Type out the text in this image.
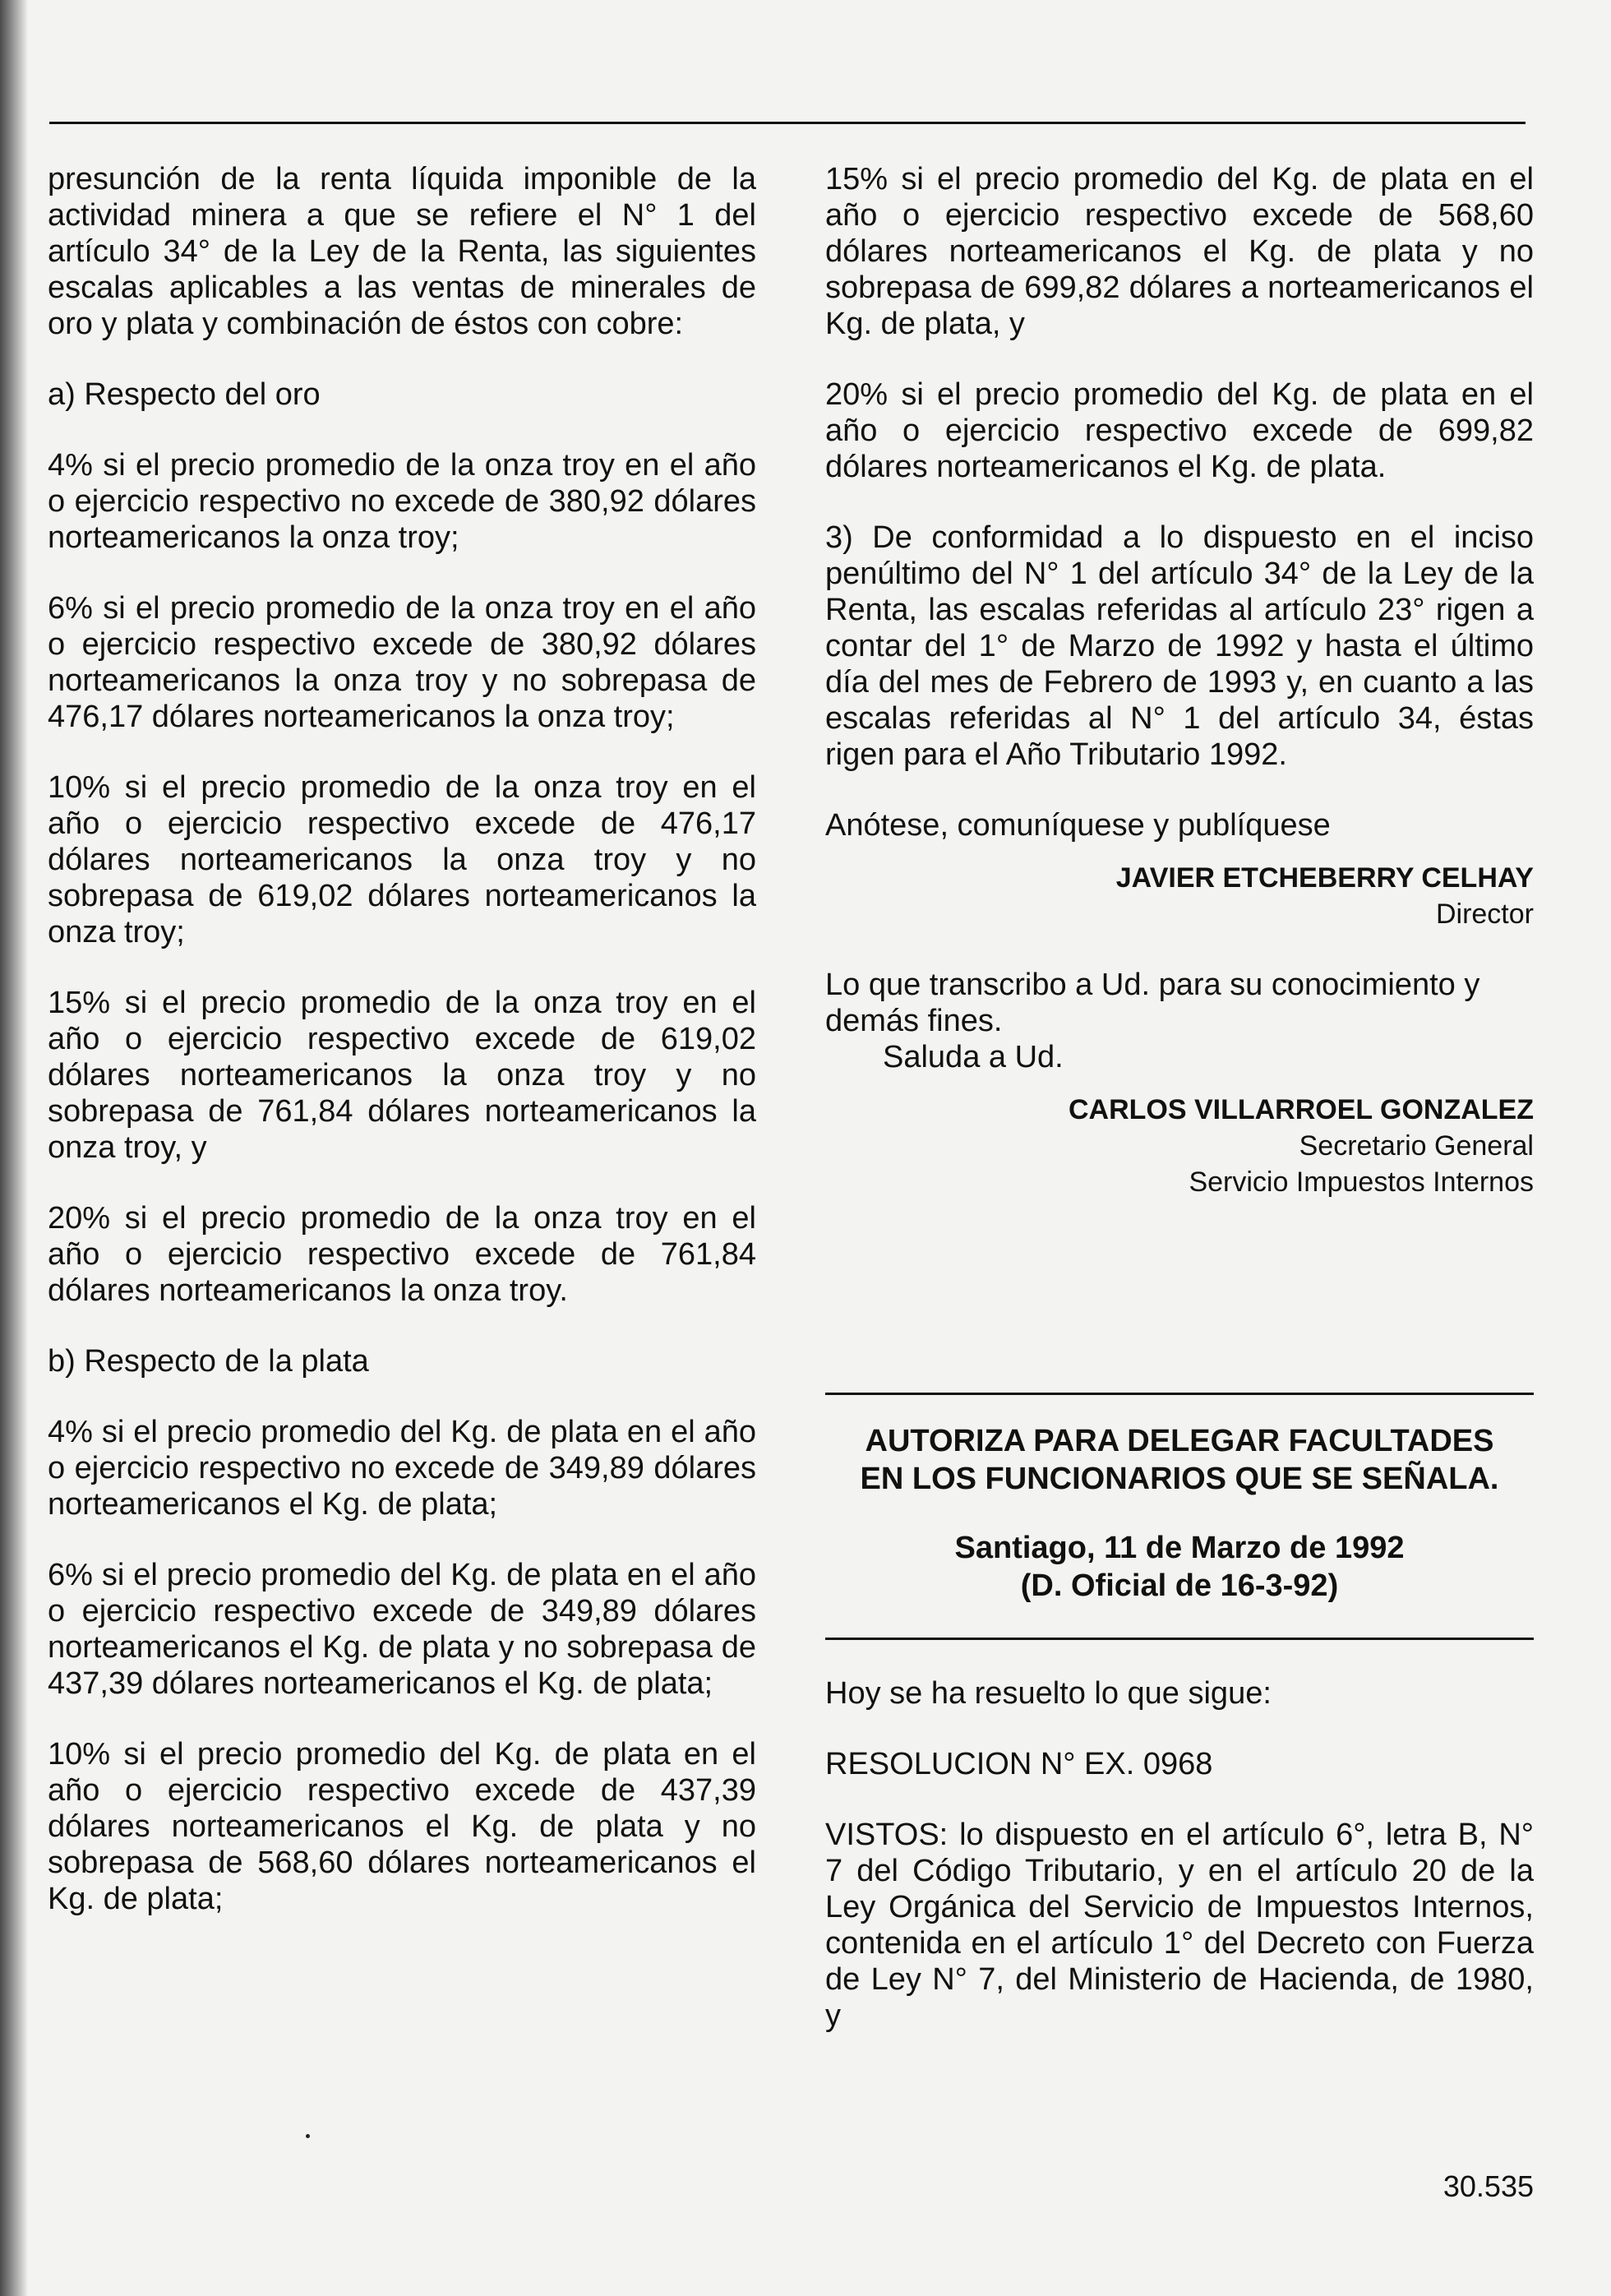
presunción de la renta líquida imponible de la actividad minera a que se refiere el N° 1 del artículo 34° de la Ley de la Renta, las siguientes escalas aplicables a las ventas de minerales de oro y plata y combinación de éstos con cobre:

a) Respecto del oro

4% si el precio promedio de la onza troy en el año o ejercicio respectivo no excede de 380,92 dólares norteamericanos la onza troy;

6% si el precio promedio de la onza troy en el año o ejercicio respectivo excede de 380,92 dólares norteamericanos la onza troy y no sobrepasa de 476,17 dólares norteamericanos la onza troy;

10% si el precio promedio de la onza troy en el año o ejercicio respectivo excede de 476,17 dólares norteamericanos la onza troy y no sobrepasa de 619,02 dólares norteamericanos la onza troy;

15% si el precio promedio de la onza troy en el año o ejercicio respectivo excede de 619,02 dólares norteamericanos la onza troy y no sobrepasa de 761,84 dólares norteamericanos la onza troy, y

20% si el precio promedio de la onza troy en el año o ejercicio respectivo excede de 761,84 dólares norteamericanos la onza troy.

b) Respecto de la plata

4% si el precio promedio del Kg. de plata en el año o ejercicio respectivo no excede de 349,89 dólares norteamericanos el Kg. de plata;

6% si el precio promedio del Kg. de plata en el año o ejercicio respectivo excede de 349,89 dólares norteamericanos el Kg. de plata y no sobrepasa de 437,39 dólares norteamericanos el Kg. de plata;

10% si el precio promedio del Kg. de plata en el año o ejercicio respectivo excede de 437,39 dólares norteamericanos el Kg. de plata y no sobrepasa de 568,60 dólares norteamericanos el Kg. de plata;

15% si el precio promedio del Kg. de plata en el año o ejercicio respectivo excede de 568,60 dólares norteamericanos el Kg. de plata y no sobrepasa de 699,82 dólares a norteamericanos el Kg. de plata, y

20% si el precio promedio del Kg. de plata en el año o ejercicio respectivo excede de 699,82 dólares norteamericanos el Kg. de plata.

3) De conformidad a lo dispuesto en el inciso penúltimo del N° 1 del artículo 34° de la Ley de la Renta, las escalas referidas al artículo 23° rigen a contar del 1° de Marzo de 1992 y hasta el último día del mes de Febrero de 1993 y, en cuanto a las escalas referidas al N° 1 del artículo 34, éstas rigen para el Año Tributario 1992.

Anótese, comuníquese y publíquese

JAVIER ETCHEBERRY CELHAY
Director

Lo que transcribo a Ud. para su conocimiento y demás fines.

Saluda a Ud.

CARLOS VILLARROEL GONZALEZ
Secretario General
Servicio Impuestos Internos
AUTORIZA PARA DELEGAR FACULTADES
EN LOS FUNCIONARIOS QUE SE SEÑALA.
Santiago, 11 de Marzo de 1992
(D. Oficial de 16-3-92)

Hoy se ha resuelto lo que sigue:

RESOLUCION N° EX. 0968

VISTOS: lo dispuesto en el artículo 6°, letra B, N° 7 del Código Tributario, y en el artículo 20 de la Ley Orgánica del Servicio de Impuestos Internos, contenida en el artículo 1° del Decreto con Fuerza de Ley N° 7, del Ministerio de Hacienda, de 1980, y

30.535
